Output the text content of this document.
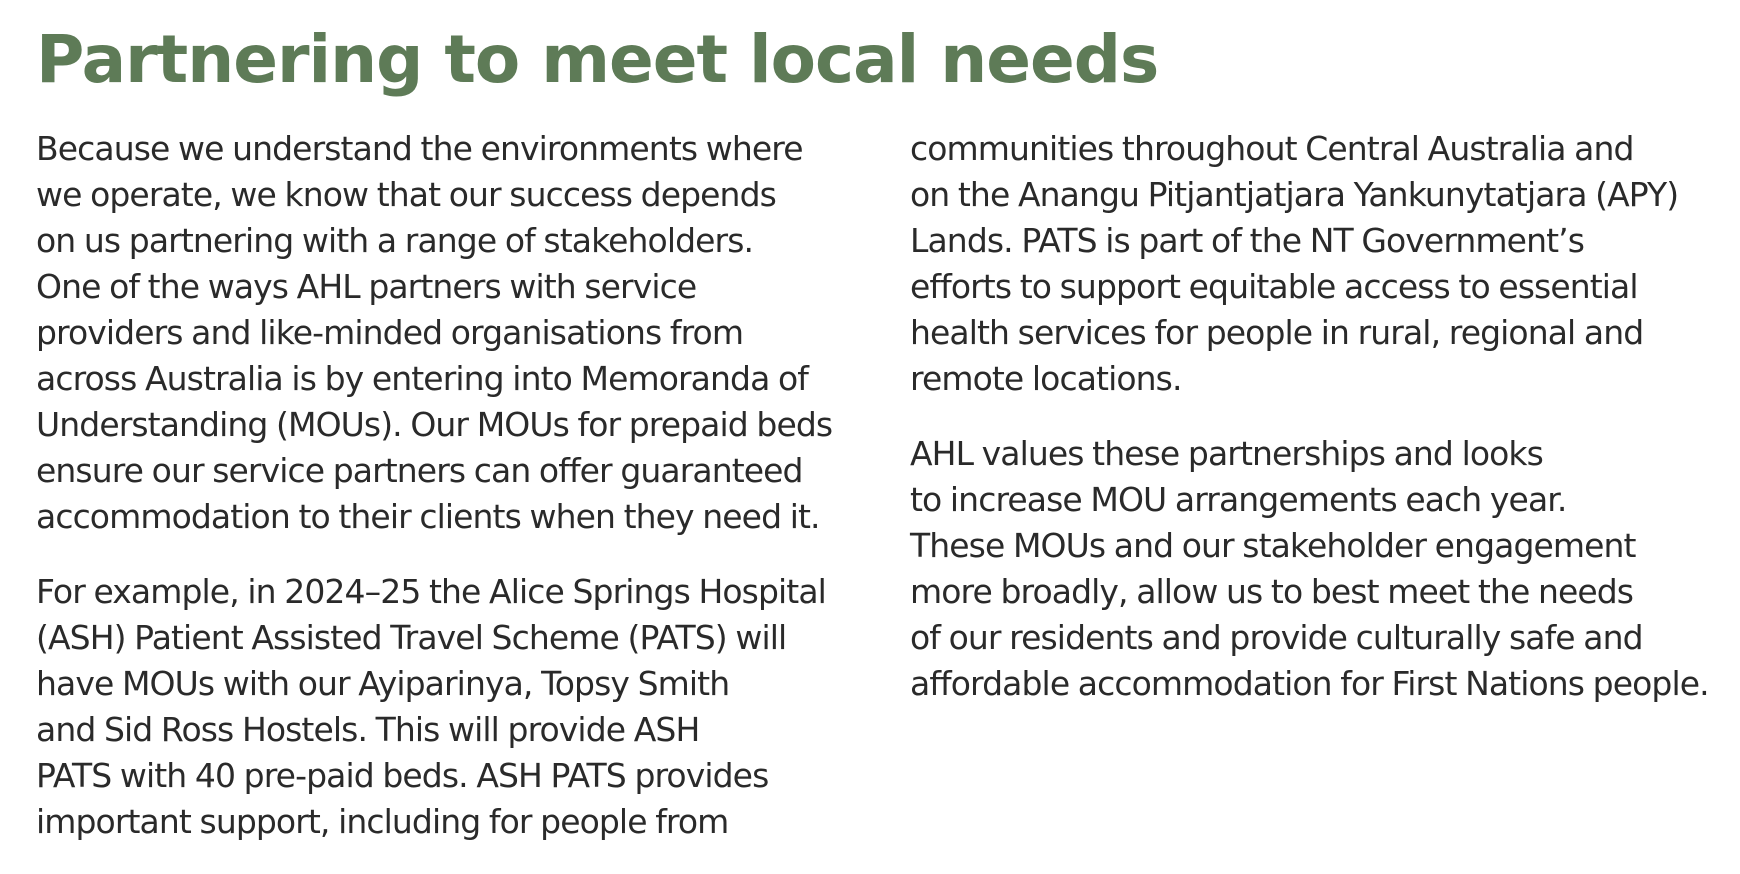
Partnering to meet local needs

Because we understand the environments where
we operate, we know that our success depends
on us partnering with a range of stakeholders.
One of the ways AHL partners with service
providers and like-minded organisations from
across Australia is by entering into Memoranda of
Understanding (MOUs). Our MOUs for prepaid beds
ensure our service partners can offer guaranteed
accommodation to their clients when they need it.

For example, in 2024–25 the Alice Springs Hospital
(ASH) Patient Assisted Travel Scheme (PATS) will
have MOUs with our Ayiparinya, Topsy Smith
and Sid Ross Hostels. This will provide ASH
PATS with 40 pre-paid beds. ASH PATS provides
important support, including for people from

communities throughout Central Australia and
on the Anangu Pitjantjatjara Yankunytatjara (APY)
Lands. PATS is part of the NT Government’s
efforts to support equitable access to essential
health services for people in rural, regional and
remote locations.

AHL values these partnerships and looks
to increase MOU arrangements each year.
These MOUs and our stakeholder engagement
more broadly, allow us to best meet the needs
of our residents and provide culturally safe and
affordable accommodation for First Nations people.
